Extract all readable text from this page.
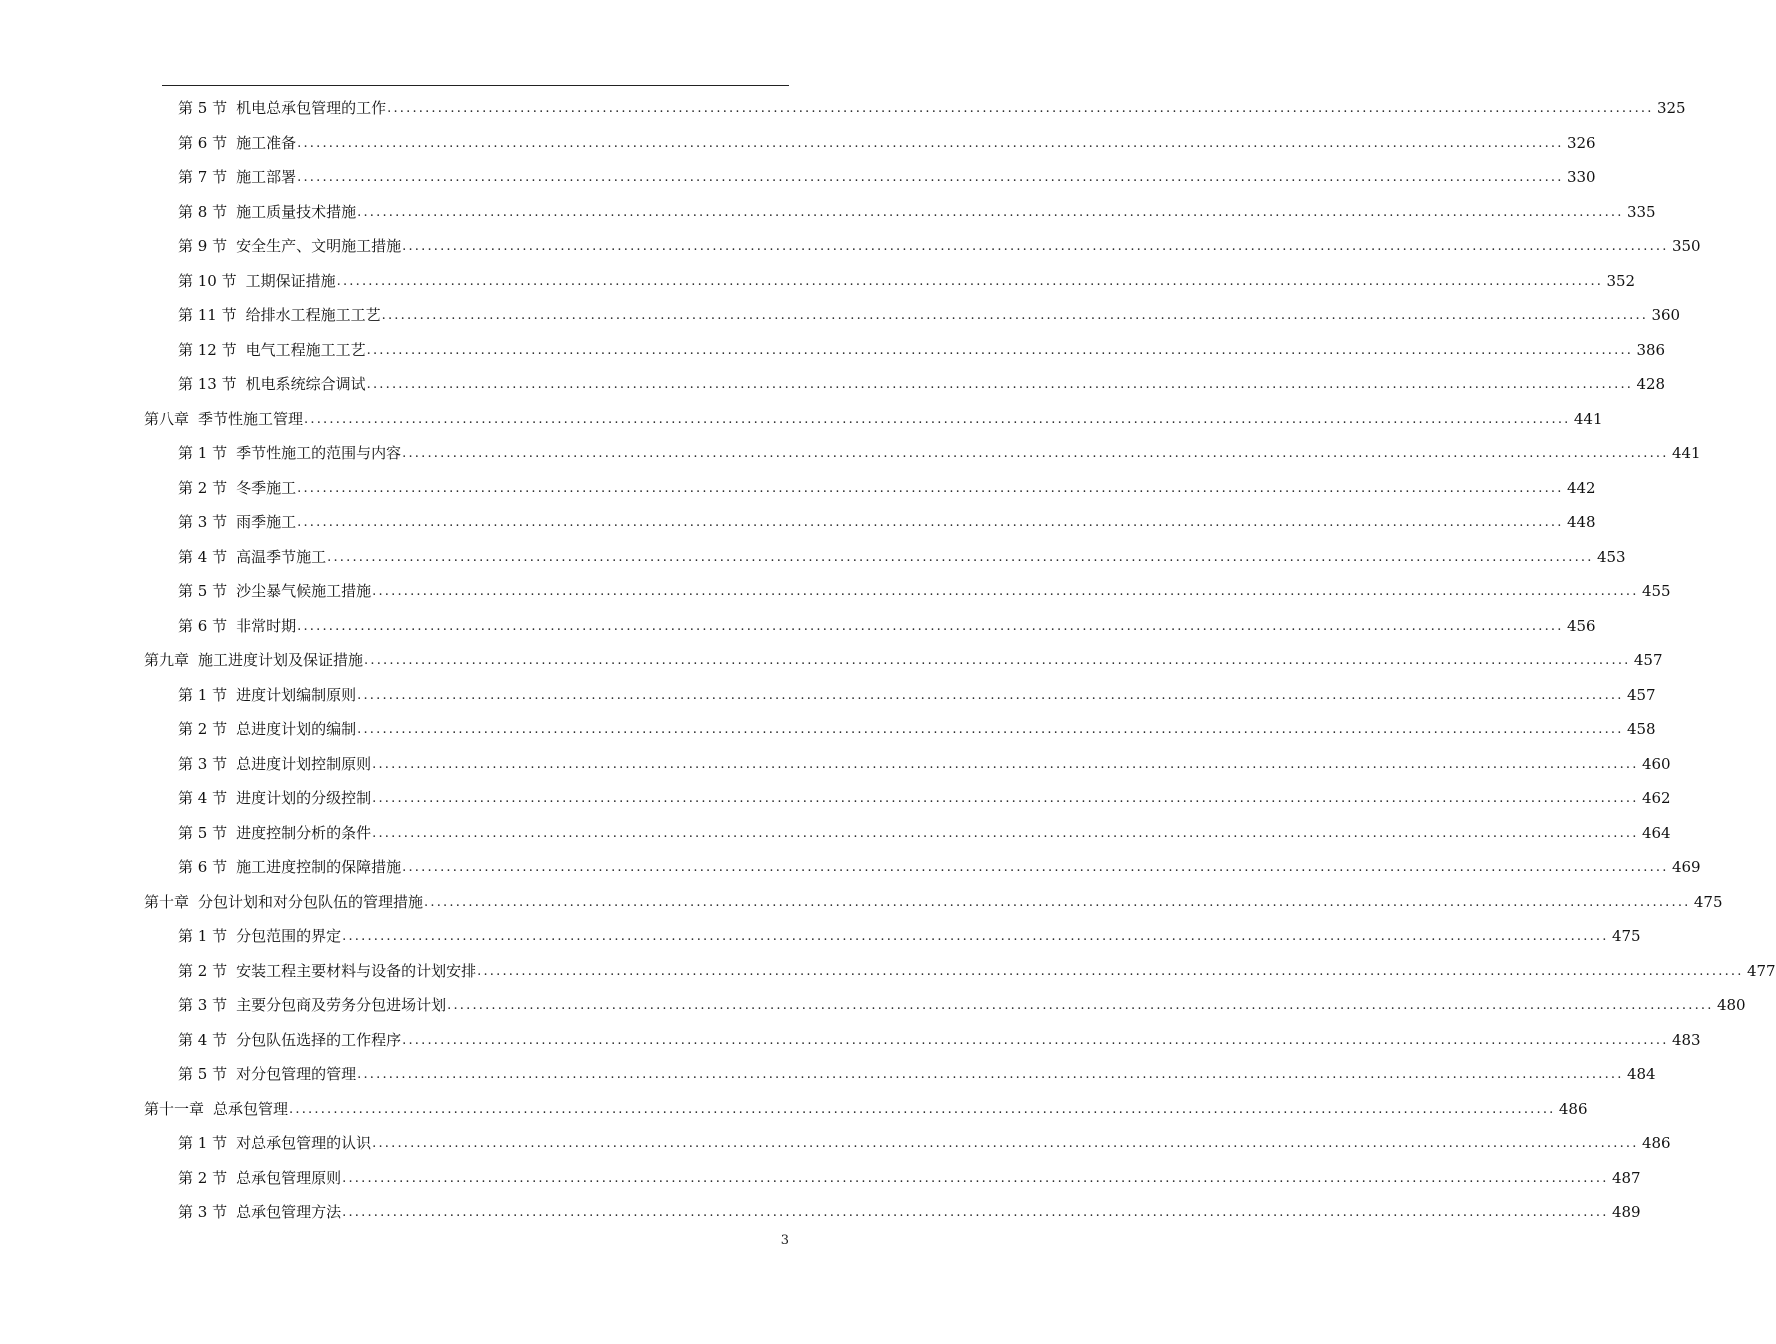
第 5 节 机电总承包管理的工作 ........................................................................................................................................................................................................ 325
第 6 节 施工准备 ........................................................................................................................................................................................................ 326
第 7 节 施工部署 ........................................................................................................................................................................................................ 330
第 8 节 施工质量技术措施 ........................................................................................................................................................................................................ 335
第 9 节 安全生产、文明施工措施 ........................................................................................................................................................................................................ 350
第 10 节 工期保证措施 ........................................................................................................................................................................................................ 352
第 11 节 给排水工程施工工艺 ........................................................................................................................................................................................................ 360
第 12 节 电气工程施工工艺 ........................................................................................................................................................................................................ 386
第 13 节 机电系统综合调试 ........................................................................................................................................................................................................ 428
第八章 季节性施工管理 ........................................................................................................................................................................................................ 441
第 1 节 季节性施工的范围与内容 ........................................................................................................................................................................................................ 441
第 2 节 冬季施工 ........................................................................................................................................................................................................ 442
第 3 节 雨季施工 ........................................................................................................................................................................................................ 448
第 4 节 高温季节施工 ........................................................................................................................................................................................................ 453
第 5 节 沙尘暴气候施工措施 ........................................................................................................................................................................................................ 455
第 6 节 非常时期 ........................................................................................................................................................................................................ 456
第九章 施工进度计划及保证措施 ........................................................................................................................................................................................................ 457
第 1 节 进度计划编制原则 ........................................................................................................................................................................................................ 457
第 2 节 总进度计划的编制 ........................................................................................................................................................................................................ 458
第 3 节 总进度计划控制原则 ........................................................................................................................................................................................................ 460
第 4 节 进度计划的分级控制 ........................................................................................................................................................................................................ 462
第 5 节 进度控制分析的条件 ........................................................................................................................................................................................................ 464
第 6 节 施工进度控制的保障措施 ........................................................................................................................................................................................................ 469
第十章 分包计划和对分包队伍的管理措施 ........................................................................................................................................................................................................ 475
第 1 节 分包范围的界定 ........................................................................................................................................................................................................ 475
第 2 节 安装工程主要材料与设备的计划安排 ........................................................................................................................................................................................................ 477
第 3 节 主要分包商及劳务分包进场计划 ........................................................................................................................................................................................................ 480
第 4 节 分包队伍选择的工作程序 ........................................................................................................................................................................................................ 483
第 5 节 对分包管理的管理 ........................................................................................................................................................................................................ 484
第十一章 总承包管理 ........................................................................................................................................................................................................ 486
第 1 节 对总承包管理的认识 ........................................................................................................................................................................................................ 486
第 2 节 总承包管理原则 ........................................................................................................................................................................................................ 487
第 3 节 总承包管理方法 ........................................................................................................................................................................................................ 489
3
